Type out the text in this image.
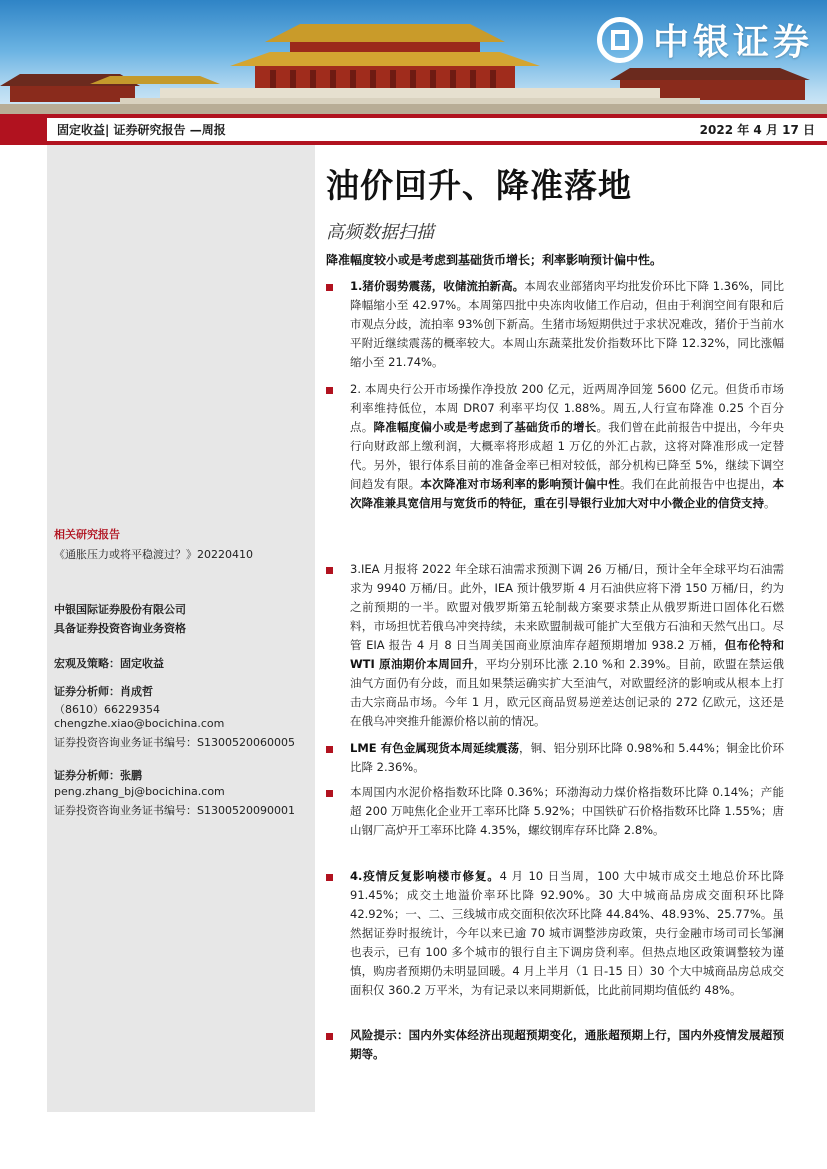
中银证券
固定收益| 证券研究报告 —周报	2022 年 4 月 17 日
相关研究报告
《通胀压力或将平稳渡过？》20220410
中银国际证券股份有限公司
具备证券投资咨询业务资格
宏观及策略：固定收益
证券分析师：肖成哲
（8610）66229354
chengzhe.xiao@bocichina.com
证券投资咨询业务证书编号：S1300520060005
证券分析师：张鹏
peng.zhang_bj@bocichina.com
证券投资咨询业务证书编号：S1300520090001
油价回升、降准落地
高频数据扫描
降准幅度较小或是考虑到基础货币增长；利率影响预计偏中性。
1.猪价弱势震荡，收储流拍新高。本周农业部猪肉平均批发价环比下降 1.36%，同比降幅缩小至 42.97%。本周第四批中央冻肉收储工作启动，但由于利润空间有限和后市观点分歧，流拍率 93%创下新高。生猪市场短期供过于求状况难改，猪价于当前水平附近继续震荡的概率较大。本周山东蔬菜批发价指数环比下降 12.32%，同比涨幅缩小至 21.74%。
2. 本周央行公开市场操作净投放 200 亿元，近两周净回笼 5600 亿元。但货币市场利率维持低位，本周 DR07 利率平均仅 1.88%。周五,人行宣布降准 0.25 个百分点。降准幅度偏小或是考虑到了基础货币的增长。我们曾在此前报告中提出，今年央行向财政部上缴利润，大概率将形成超 1 万亿的外汇占款，这将对降准形成一定替代。另外，银行体系目前的准备金率已相对较低，部分机构已降至 5%，继续下调空间趋发有限。本次降准对市场利率的影响预计偏中性。我们在此前报告中也提出，本次降准兼具宽信用与宽货币的特征，重在引导银行业加大对中小微企业的信贷支持。
3.IEA 月报将 2022 年全球石油需求预测下调 26 万桶/日，预计全年全球平均石油需求为 9940 万桶/日。此外，IEA 预计俄罗斯 4 月石油供应将下滑 150 万桶/日，约为之前预期的一半。欧盟对俄罗斯第五轮制裁方案要求禁止从俄罗斯进口固体化石燃料，市场担忧若俄乌冲突持续，未来欧盟制裁可能扩大至俄方石油和天然气出口。尽管 EIA 报告 4 月 8 日当周美国商业原油库存超预期增加 938.2 万桶，但布伦特和 WTI 原油期价本周回升，平均分别环比涨 2.10 %和 2.39%。目前，欧盟在禁运俄油气方面仍有分歧，而且如果禁运确实扩大至油气，对欧盟经济的影响或从根本上打击大宗商品市场。今年 1 月，欧元区商品贸易逆差达创记录的 272 亿欧元，这还是在俄乌冲突推升能源价格以前的情况。
LME 有色金属现货本周延续震荡，铜、铝分别环比降 0.98%和 5.44%；铜金比价环比降 2.36%。
本周国内水泥价格指数环比降 0.36%；环渤海动力煤价格指数环比降 0.14%；产能超 200 万吨焦化企业开工率环比降 5.92%；中国铁矿石价格指数环比降 1.55%；唐山钢厂高炉开工率环比降 4.35%，螺纹钢库存环比降 2.8%。
4.疫情反复影响楼市修复。4 月 10 日当周，100 大中城市成交土地总价环比降 91.45%；成交土地溢价率环比降 92.90%。30 大中城商品房成交面积环比降 42.92%；一、二、三线城市成交面积依次环比降 44.84%、48.93%、25.77%。虽然据证券时报统计，今年以来已逾 70 城市调整涉房政策，央行金融市场司司长邹澜也表示，已有 100 多个城市的银行自主下调房贷利率。但热点地区政策调整较为谨慎，购房者预期仍未明显回暖。4 月上半月（1 日-15 日）30 个大中城商品房总成交面积仅 360.2 万平米，为有记录以来同期新低，比此前同期均值低约 48%。
风险提示：国内外实体经济出现超预期变化，通胀超预期上行，国内外疫情发展超预期等。
